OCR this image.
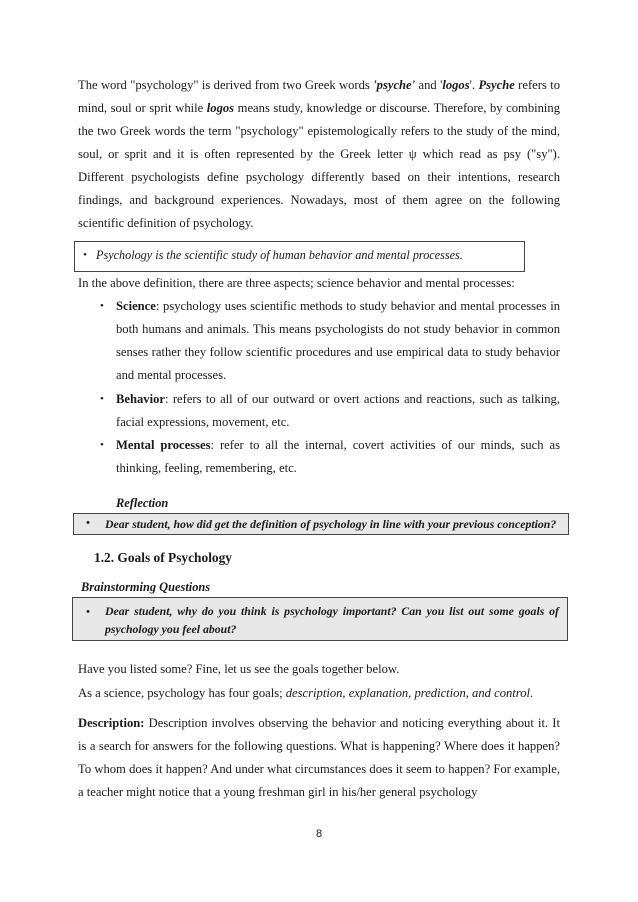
The word "psychology" is derived from two Greek words 'psyche' and 'logos'. Psyche refers to mind, soul or sprit while logos means study, knowledge or discourse. Therefore, by combining the two Greek words the term "psychology" epistemologically refers to the study of the mind, soul, or sprit and it is often represented by the Greek letter ψ which read as psy ("sy"). Different psychologists define psychology differently based on their intentions, research findings, and background experiences. Nowadays, most of them agree on the following scientific definition of psychology.
• Psychology is the scientific study of human behavior and mental processes.
In the above definition, there are three aspects; science behavior and mental processes:
• Science: psychology uses scientific methods to study behavior and mental processes in both humans and animals. This means psychologists do not study behavior in common senses rather they follow scientific procedures and use empirical data to study behavior and mental processes.
• Behavior: refers to all of our outward or overt actions and reactions, such as talking, facial expressions, movement, etc.
• Mental processes: refer to all the internal, covert activities of our minds, such as thinking, feeling, remembering, etc.
Reflection
• Dear student, how did get the definition of psychology in line with your previous conception?
1.2. Goals of Psychology
Brainstorming Questions
• Dear student, why do you think is psychology important? Can you list out some goals of psychology you feel about?
Have you listed some? Fine, let us see the goals together below.
As a science, psychology has four goals; description, explanation, prediction, and control.
Description: Description involves observing the behavior and noticing everything about it. It is a search for answers for the following questions. What is happening? Where does it happen? To whom does it happen? And under what circumstances does it seem to happen? For example, a teacher might notice that a young freshman girl in his/her general psychology
8
